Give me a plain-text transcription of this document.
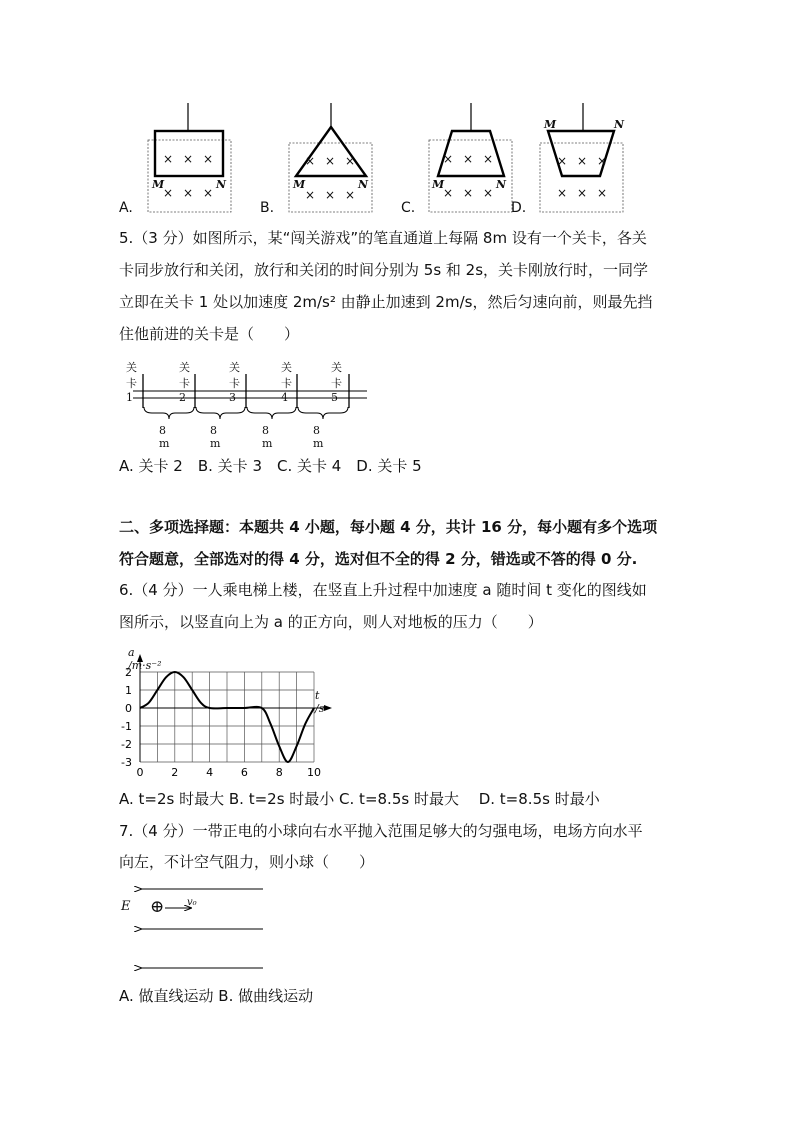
× × ×
× × ×
× × ×
× × ×
× × ×
× × ×
× × ×
× × ×
M	N	M	N	M	N
M	N
A.	B.	C.	D.
5.（3 分）如图所示，某“闯关游戏”的笔直通道上每隔 8m 设有一个关卡，各关
卡同步放行和关闭，放行和关闭的时间分别为 5s 和 2s，关卡刚放行时，一同学
立即在关卡 1 处以加速度 2m/s² 由静止加速到 2m/s，然后匀速向前，则最先挡
住他前进的关卡是（　　）
关卡1
关卡2
关卡3
关卡4
关卡5
8 m
8 m
8 m
8 m
A. 关卡 2　B. 关卡 3　C. 关卡 4　D. 关卡 5
二、多项选择题：本题共 4 小题，每小题 4 分，共计 16 分，每小题有多个选项
符合题意，全部选对的得 4 分，选对但不全的得 2 分，错选或不答的得 0 分.
6.（4 分）一人乘电梯上楼，在竖直上升过程中加速度 a 随时间 t 变化的图线如
图所示，以竖直向上为 a 的正方向，则人对地板的压力（　　）
0	2	4	6	8 10
2
1
0
-1
-2
-3
a /m·s⁻²
t /s
A. t=2s 时最大 B. t=2s 时最小 C. t=8.5s 时最大　 D. t=8.5s 时最小
7.（4 分）一带正电的小球向右水平抛入范围足够大的匀强电场，电场方向水平
向左，不计空气阻力，则小球（　　）
E ⊕ v₀
A. 做直线运动 B. 做曲线运动
